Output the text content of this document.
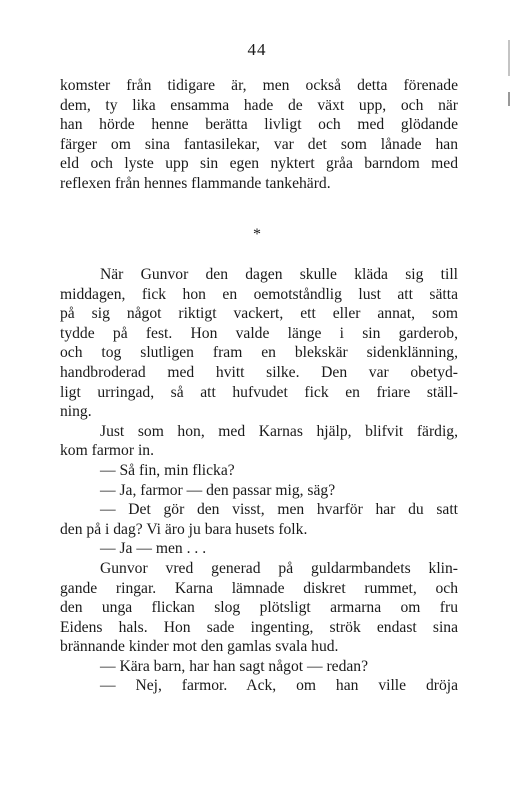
44
komster från tidigare är, men också detta förenade
dem, ty lika ensamma hade de växt upp, och när
han hörde henne berätta livligt och med glödande
färger om sina fantasilekar, var det som lånade han
eld och lyste upp sin egen nyktert gråa barndom med
reflexen från hennes flammande tankehärd.
*
När Gunvor den dagen skulle kläda sig till
middagen, fick hon en oemotståndlig lust att sätta
på sig något riktigt vackert, ett eller annat, som
tydde på fest. Hon valde länge i sin garderob,
och tog slutligen fram en blekskär sidenklänning,
handbroderad med hvitt silke. Den var obetyd-
ligt urringad, så att hufvudet fick en friare ställ-
ning.
Just som hon, med Karnas hjälp, blifvit färdig,
kom farmor in.
— Så fin, min flicka?
— Ja, farmor — den passar mig, säg?
— Det gör den visst, men hvarför har du satt
den på i dag? Vi äro ju bara husets folk.
— Ja — men . . .
Gunvor vred generad på guldarmbandets klin-
gande ringar. Karna lämnade diskret rummet, och
den unga flickan slog plötsligt armarna om fru
Eidens hals. Hon sade ingenting, strök endast sina
brännande kinder mot den gamlas svala hud.
— Kära barn, har han sagt något — redan?
— Nej, farmor. Ack, om han ville dröja
